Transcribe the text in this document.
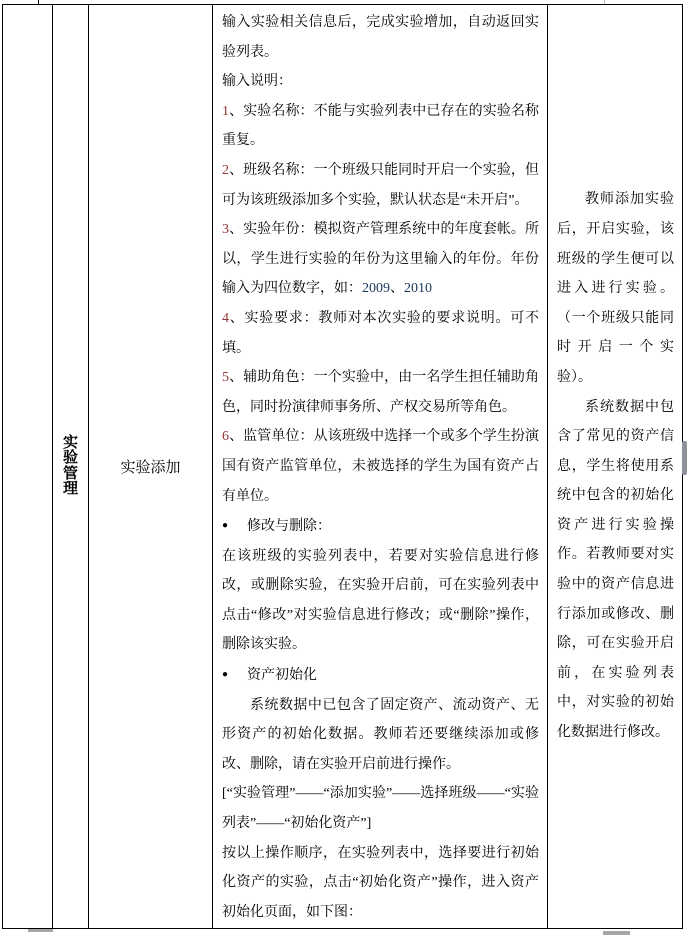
实验管理
实验添加

输入实验相关信息后，完成实验增加，自动返回实验列表。

输入说明：

1、实验名称：不能与实验列表中已存在的实验名称重复。

2、班级名称：一个班级只能同时开启一个实验，但可为该班级添加多个实验，默认状态是“未开启”。

3、实验年份：模拟资产管理系统中的年度套帐。所以，学生进行实验的年份为这里输入的年份。年份输入为四位数字，如：2009、2010

4、实验要求：教师对本次实验的要求说明。可不填。

5、辅助角色：一个实验中，由一名学生担任辅助角色，同时扮演律师事务所、产权交易所等角色。

6、监管单位：从该班级中选择一个或多个学生扮演国有资产监管单位，未被选择的学生为国有资产占有单位。

● 修改与删除：

在该班级的实验列表中，若要对实验信息进行修改，或删除实验，在实验开启前，可在实验列表中点击“修改”对实验信息进行修改；或“删除”操作，删除该实验。

● 资产初始化

系统数据中已包含了固定资产、流动资产、无形资产的初始化数据。教师若还要继续添加或修改、删除，请在实验开启前进行操作。

[“实验管理”——“添加实验”——选择班级——“实验列表”——“初始化资产”]

按以上操作顺序，在实验列表中，选择要进行初始化资产的实验，点击“初始化资产”操作，进入资产初始化页面，如下图：

教师添加实验后，开启实验，该班级的学生便可以进入进行实验。（一个班级只能同时开启一个实验）。

系统数据中包含了常见的资产信息，学生将使用系统中包含的初始化资产进行实验操作。若教师要对实验中的资产信息进行添加或修改、删除，可在实验开启前，在实验列表中，对实验的初始化数据进行修改。
